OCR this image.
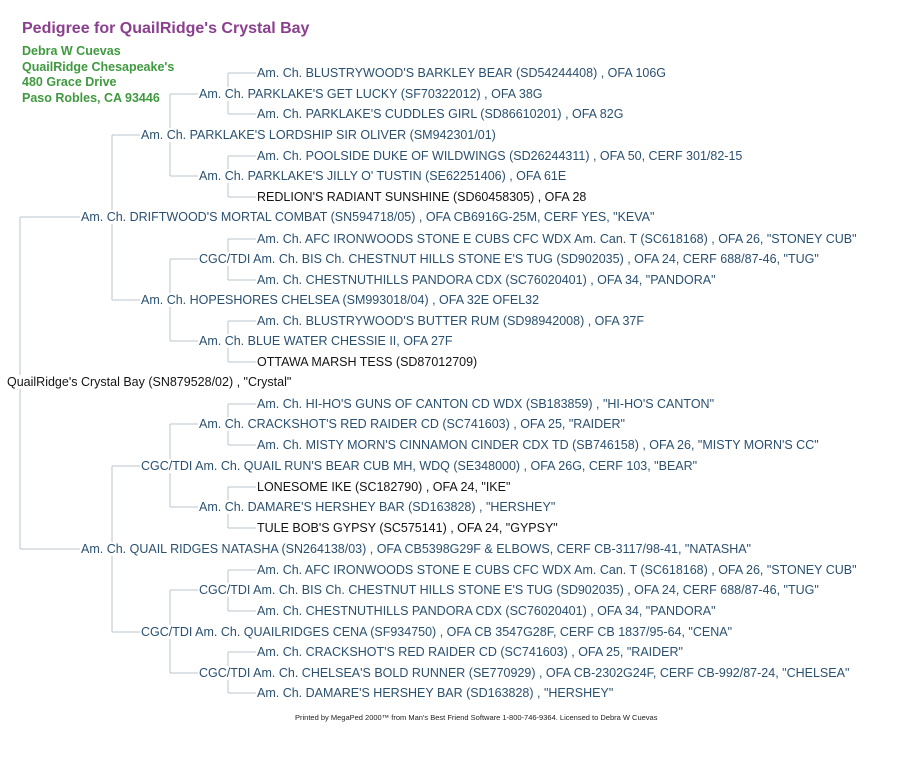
Pedigree for QuailRidge's Crystal Bay
Debra W Cuevas
QuailRidge Chesapeake's
480 Grace Drive
Paso Robles, CA 93446
Am. Ch. BLUSTRYWOOD'S BARKLEY BEAR (SD54244408) , OFA 106G
Am. Ch. PARKLAKE'S GET LUCKY (SF70322012) , OFA 38G
Am. Ch. PARKLAKE'S CUDDLES GIRL (SD86610201) , OFA 82G
Am. Ch. PARKLAKE'S LORDSHIP SIR OLIVER (SM942301/01)
Am. Ch. POOLSIDE DUKE OF WILDWINGS (SD26244311) , OFA 50, CERF 301/82-15
Am. Ch. PARKLAKE'S JILLY O' TUSTIN (SE62251406) , OFA 61E
REDLION'S RADIANT SUNSHINE (SD60458305) , OFA 28
Am. Ch. DRIFTWOOD'S MORTAL COMBAT (SN594718/05) , OFA CB6916G-25M, CERF YES, "KEVA"
Am. Ch. AFC IRONWOODS STONE E CUBS CFC WDX Am. Can. T (SC618168) , OFA 26, "STONEY CUB"
CGC/TDI Am. Ch. BIS Ch. CHESTNUT HILLS STONE E'S TUG (SD902035) , OFA 24, CERF 688/87-46, "TUG"
Am. Ch. CHESTNUTHILLS PANDORA CDX (SC76020401) , OFA 34, "PANDORA"
Am. Ch. HOPESHORES CHELSEA (SM993018/04) , OFA 32E OFEL32
Am. Ch. BLUSTRYWOOD'S BUTTER RUM (SD98942008) , OFA 37F
Am. Ch. BLUE WATER CHESSIE II, OFA 27F
OTTAWA MARSH TESS (SD87012709)
QuailRidge's Crystal Bay (SN879528/02) , "Crystal"
Am. Ch. HI-HO'S GUNS OF CANTON CD WDX (SB183859) , "HI-HO'S CANTON"
Am. Ch. CRACKSHOT'S RED RAIDER CD (SC741603) , OFA 25, "RAIDER"
Am. Ch. MISTY MORN'S CINNAMON CINDER CDX TD (SB746158) , OFA 26, "MISTY MORN'S CC"
CGC/TDI Am. Ch. QUAIL RUN'S BEAR CUB MH, WDQ (SE348000) , OFA 26G, CERF 103, "BEAR"
LONESOME IKE (SC182790) , OFA 24, "IKE"
Am. Ch. DAMARE'S HERSHEY BAR (SD163828) , "HERSHEY"
TULE BOB'S GYPSY (SC575141) , OFA 24, "GYPSY"
Am. Ch. QUAIL RIDGES NATASHA (SN264138/03) , OFA CB5398G29F & ELBOWS, CERF CB-3117/98-41, "NATASHA"
Am. Ch. AFC IRONWOODS STONE E CUBS CFC WDX Am. Can. T (SC618168) , OFA 26, "STONEY CUB"
CGC/TDI Am. Ch. BIS Ch. CHESTNUT HILLS STONE E'S TUG (SD902035) , OFA 24, CERF 688/87-46, "TUG"
Am. Ch. CHESTNUTHILLS PANDORA CDX (SC76020401) , OFA 34, "PANDORA"
CGC/TDI Am. Ch. QUAILRIDGES CENA (SF934750) , OFA CB 3547G28F, CERF CB 1837/95-64, "CENA"
Am. Ch. CRACKSHOT'S RED RAIDER CD (SC741603) , OFA 25, "RAIDER"
CGC/TDI Am. Ch. CHELSEA'S BOLD RUNNER (SE770929) , OFA CB-2302G24F, CERF CB-992/87-24, "CHELSEA"
Am. Ch. DAMARE'S HERSHEY BAR (SD163828) , "HERSHEY"
Printed by MegaPed 2000™ from Man's Best Friend Software 1-800-746-9364. Licensed to Debra W Cuevas
